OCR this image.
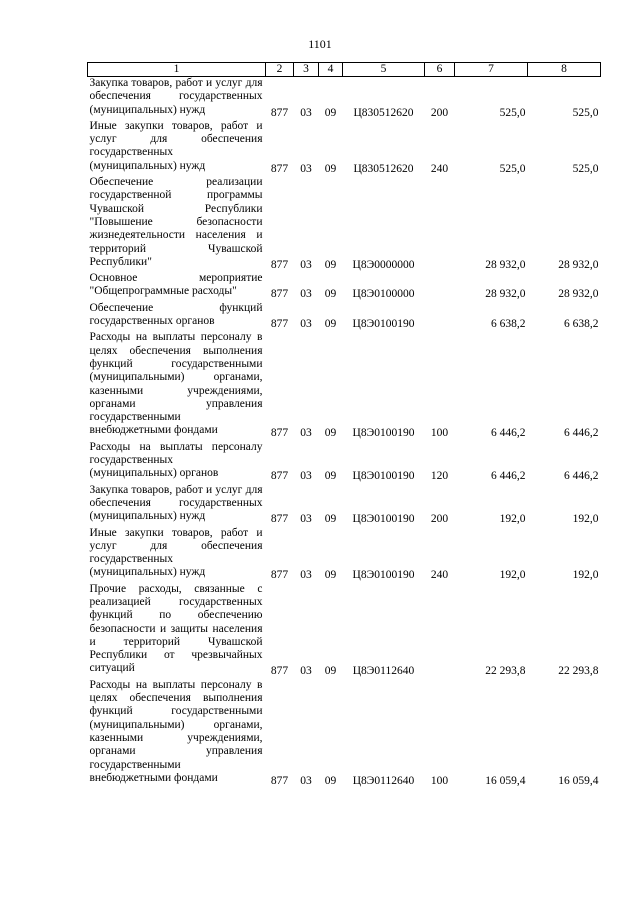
1101
1	2	3	4	5	6	7	8
Закупка товаров, работ и услуг для обеспечения государственных (муниципальных) нужд	877	03	09	Ц830512620	200	525,0	525,0
Иные закупки товаров, работ и услуг для обеспечения государственных (муниципальных) нужд	877	03	09	Ц830512620	240	525,0	525,0
Обеспечение реализации государственной программы Чувашской Республики "Повышение безопасности жизнедеятельности населения и территорий Чувашской Республики"	877	03	09	Ц8Э0000000		28 932,0	28 932,0
Основное мероприятие "Общепрограммные расходы"	877	03	09	Ц8Э0100000		28 932,0	28 932,0
Обеспечение функций государственных органов	877	03	09	Ц8Э0100190		6 638,2	6 638,2
Расходы на выплаты персоналу в целях обеспечения выполнения функций государственными (муниципальными) органами, казенными учреждениями, органами управления государственными внебюджетными фондами	877	03	09	Ц8Э0100190	100	6 446,2	6 446,2
Расходы на выплаты персоналу государственных (муниципальных) органов	877	03	09	Ц8Э0100190	120	6 446,2	6 446,2
Закупка товаров, работ и услуг для обеспечения государственных (муниципальных) нужд	877	03	09	Ц8Э0100190	200	192,0	192,0
Иные закупки товаров, работ и услуг для обеспечения государственных (муниципальных) нужд	877	03	09	Ц8Э0100190	240	192,0	192,0
Прочие расходы, связанные с реализацией государственных функций по обеспечению безопасности и защиты населения и территорий Чувашской Республики от чрезвычайных ситуаций	877	03	09	Ц8Э0112640		22 293,8	22 293,8
Расходы на выплаты персоналу в целях обеспечения выполнения функций государственными (муниципальными) органами, казенными учреждениями, органами управления государственными внебюджетными фондами	877	03	09	Ц8Э0112640	100	16 059,4	16 059,4
